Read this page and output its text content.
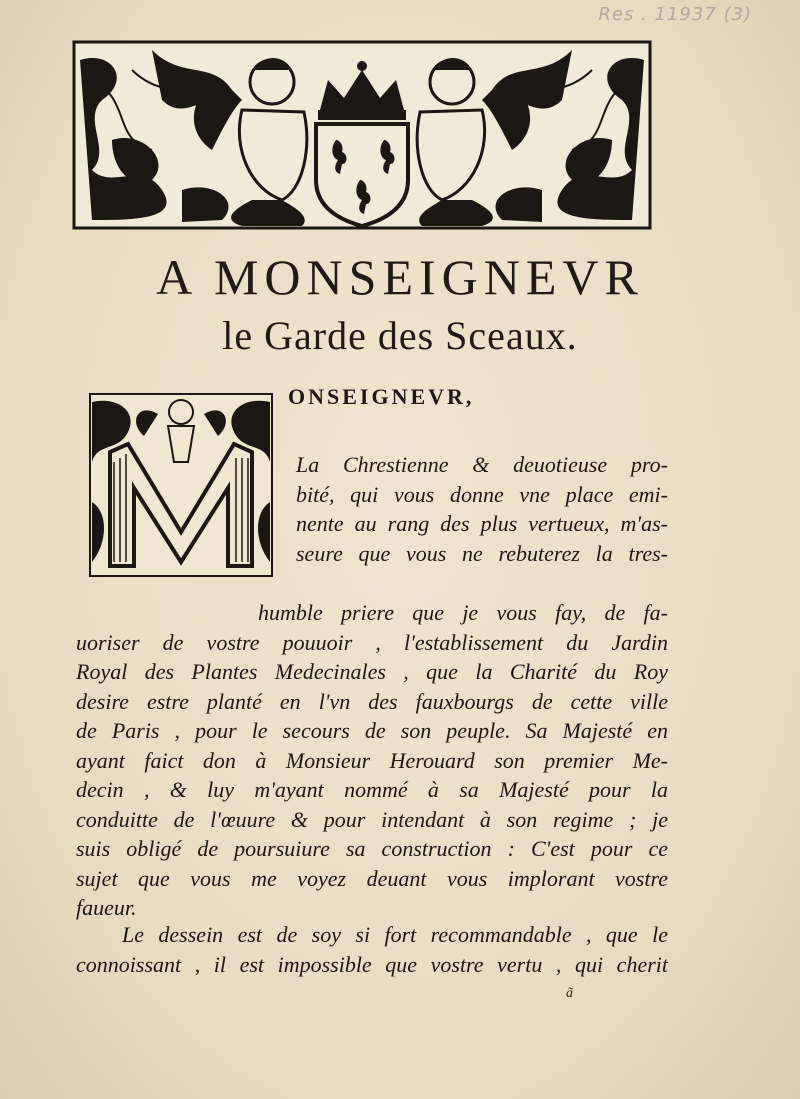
Res . 11937 (3)
A MONSEIGNEVR
le Garde des Sceaux.
ONSEIGNEVR,
La Chrestienne & deuotieuse pro-
bité, qui vous donne vne place emi-
nente au rang des plus vertueux, m'as-
seure que vous ne rebuterez la tres-
humble priere que je vous fay, de fa-
uoriser de vostre pouuoir , l'establissement du Jardin
Royal des Plantes Medecinales , que la Charité du Roy
desire estre planté en l'vn des fauxbourgs de cette ville
de Paris , pour le secours de son peuple. Sa Majesté en
ayant faict don à Monsieur Herouard son premier Me-
decin , & luy m'ayant nommé à sa Majesté pour la
conduitte de l'œuure & pour intendant à son regime ; je
suis obligé de poursuiure sa construction : C'est pour ce
sujet que vous me voyez deuant vous implorant vostre
faueur.
Le dessein est de soy si fort recommandable , que le
connoissant , il est impossible que vostre vertu , qui cherit
ã
